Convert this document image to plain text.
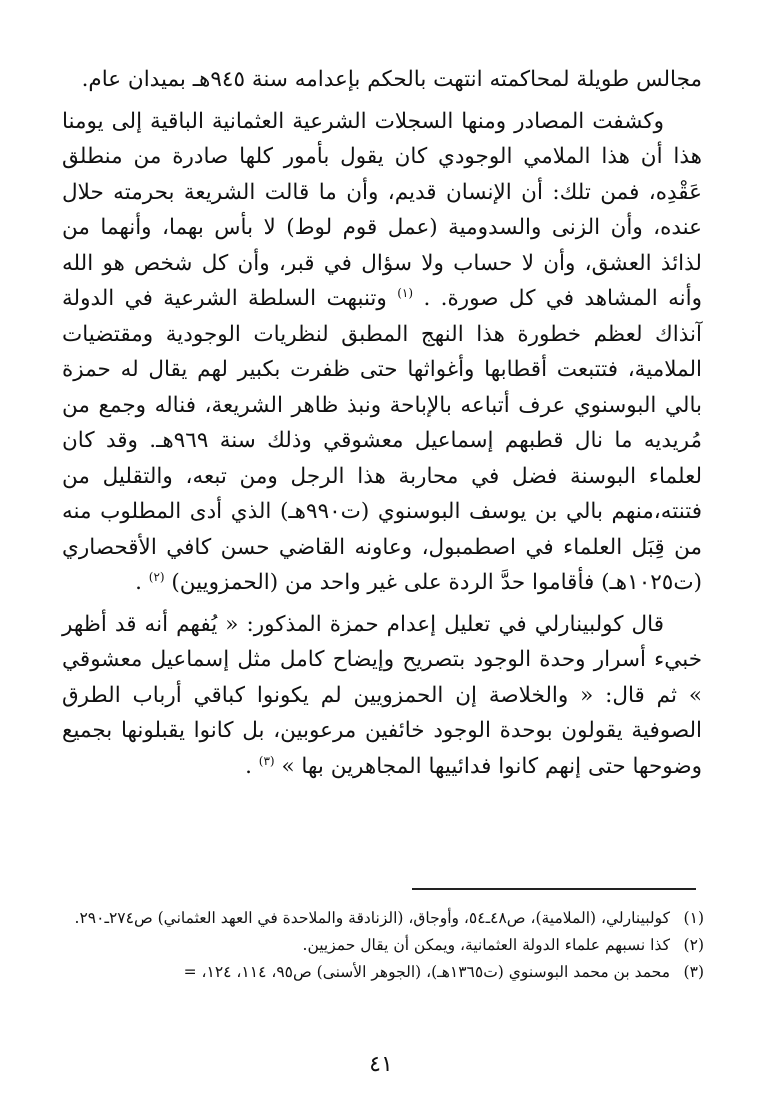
مجالس طويلة لمحاكمته انتهت بالحكم بإعدامه سنة ٩٤٥هـ بميدان عام.

وكشفت المصادر ومنها السجلات الشرعية العثمانية الباقية إلى يومنا هذا أن هذا الملامي الوجودي كان يقول بأمور كلها صادرة من منطلق عَقْدِه، فمن تلك: أن الإنسان قديم، وأن ما قالت الشريعة بحرمته حلال عنده، وأن الزنى والسدومية (عمل قوم لوط) لا بأس بهما، وأنهما من لذائذ العشق، وأن لا حساب ولا سؤال في قبر، وأن كل شخص هو الله وأنه المشاهد في كل صورة. . $^{(١)}$ وتنبهت السلطة الشرعية في الدولة آنذاك لعظم خطورة هذا النهج المطبق لنظريات الوجودية ومقتضيات الملامية، فتتبعت أقطابها وأغواثها حتى ظفرت بكبير لهم يقال له حمزة بالي البوسنوي عرف أتباعه بالإباحة ونبذ ظاهر الشريعة، فناله وجمع من مُريديه ما نال قطبهم إسماعيل معشوقي وذلك سنة ٩٦٩هـ. وقد كان لعلماء البوسنة فضل في محاربة هذا الرجل ومن تبعه، والتقليل من فتنته،منهم بالي بن يوسف البوسنوي (ت٩٩٠هـ) الذي أدى المطلوب منه من قِبَل العلماء في اصطمبول، وعاونه القاضي حسن كافي الأقحصاري (ت١٠٢٥هـ) فأقاموا حدَّ الردة على غير واحد من (الحمزويين) $^{(٢)}$ .

قال كولبينارلي في تعليل إعدام حمزة المذكور: « يُفهم أنه قد أظهر خبيء أسرار وحدة الوجود بتصريح وإيضاح كامل مثل إسماعيل معشوقي » ثم قال: « والخلاصة إن الحمزويين لم يكونوا كباقي أرباب الطرق الصوفية يقولون بوحدة الوجود خائفين مرعوبين، بل كانوا يقبلونها بجميع وضوحها حتى إنهم كانوا فدائييها المجاهرين بها » $^{(٣)}$ .

(١)
كولبينارلي، (الملامية)، ص٤٨ـ٥٤، وأوجاق، (الزنادقة والملاحدة في العهد العثماني) ص٢٧٤ـ٢٩٠.
(٢)
كذا نسبهم علماء الدولة العثمانية، ويمكن أن يقال حمزيين.
(٣)
محمد بن محمد البوسنوي (ت١٣٦٥هـ)، (الجوهر الأسنى) ص٩٥، ١١٤، ١٢٤، =
٤١
